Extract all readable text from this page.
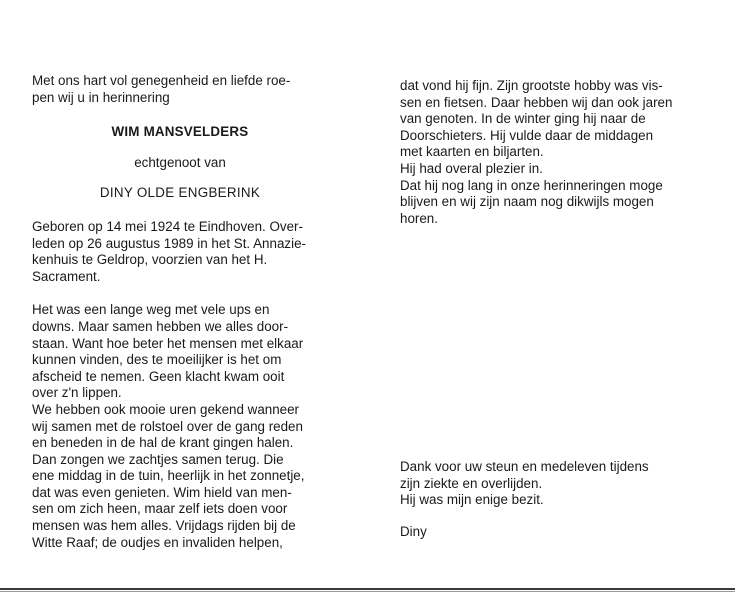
Met ons hart vol genegenheid en liefde roe-
pen wij u in herinnering
WIM MANSVELDERS
echtgenoot van
DINY OLDE ENGBERINK
Geboren op 14 mei 1924 te Eindhoven. Over-
leden op 26 augustus 1989 in het St. Annazie-
kenhuis te Geldrop, voorzien van het H.
Sacrament.
Het was een lange weg met vele ups en
downs. Maar samen hebben we alles door-
staan. Want hoe beter het mensen met elkaar
kunnen vinden, des te moeilijker is het om
afscheid te nemen. Geen klacht kwam ooit
over z'n lippen.
We hebben ook mooie uren gekend wanneer
wij samen met de rolstoel over de gang reden
en beneden in de hal de krant gingen halen.
Dan zongen we zachtjes samen terug. Die
ene middag in de tuin, heerlijk in het zonnetje,
dat was even genieten. Wim hield van men-
sen om zich heen, maar zelf iets doen voor
mensen was hem alles. Vrijdags rijden bij de
Witte Raaf; de oudjes en invaliden helpen,
dat vond hij fijn. Zijn grootste hobby was vis-
sen en fietsen. Daar hebben wij dan ook jaren
van genoten. In de winter ging hij naar de
Doorschieters. Hij vulde daar de middagen
met kaarten en biljarten.
Hij had overal plezier in.
Dat hij nog lang in onze herinneringen moge
blijven en wij zijn naam nog dikwijls mogen
horen.
Dank voor uw steun en medeleven tijdens
zijn ziekte en overlijden.
Hij was mijn enige bezit.
Diny
